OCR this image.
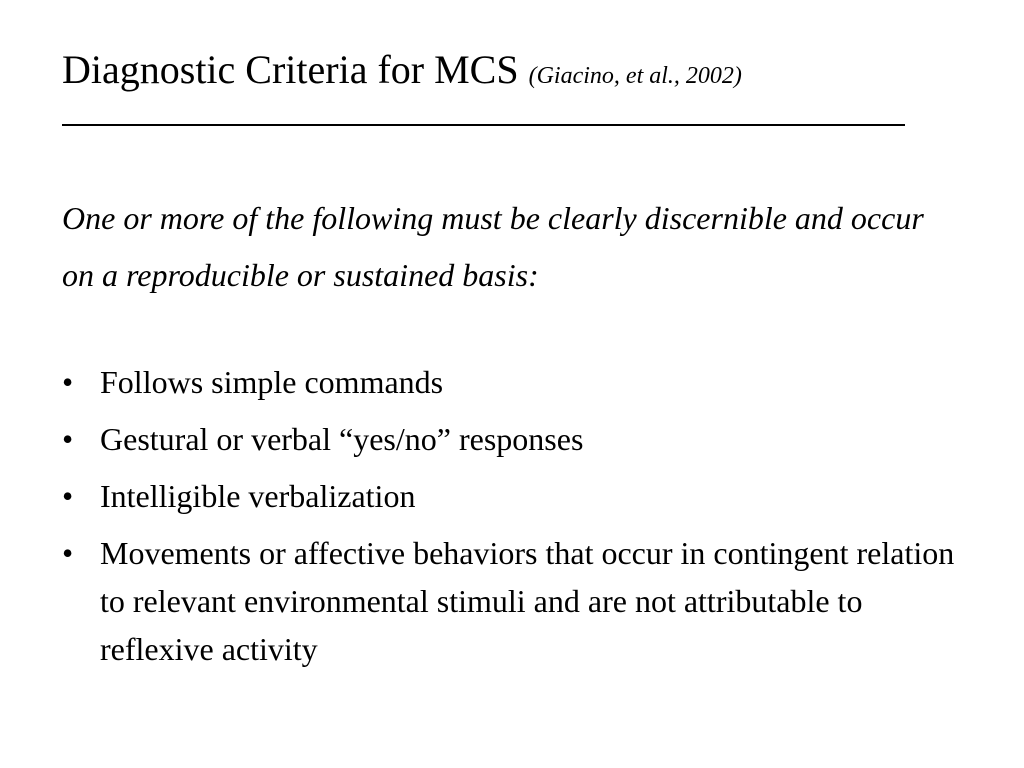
Diagnostic Criteria for MCS (Giacino, et al., 2002)
One or more of the following must be clearly discernible and occur on a reproducible or sustained basis:
• Follows simple commands
• Gestural or verbal “yes/no” responses
• Intelligible verbalization
• Movements or affective behaviors that occur in contingent relation to relevant environmental stimuli and are not attributable to reflexive activity
